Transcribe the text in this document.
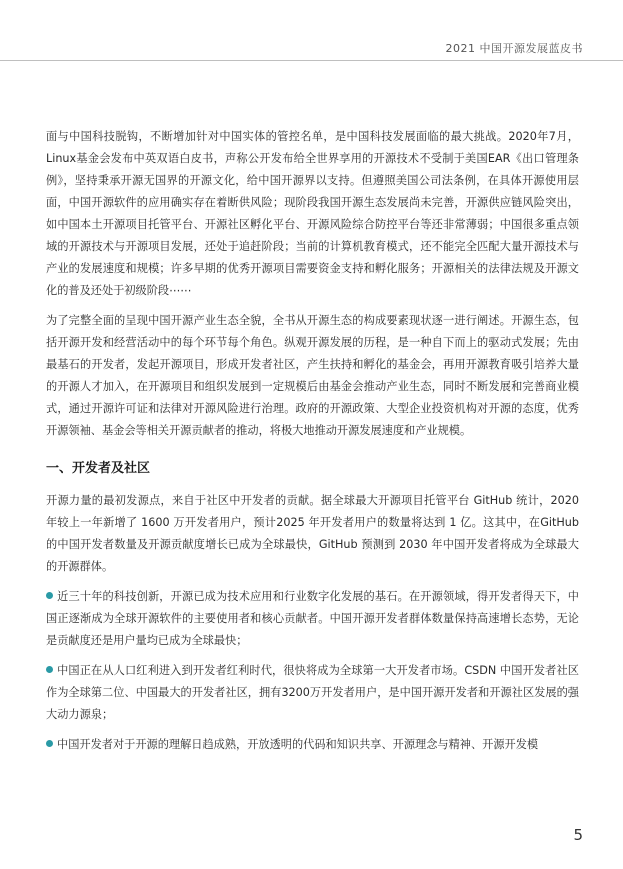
2021 中国开源发展蓝皮书

面与中国科技脱钩，不断增加针对中国实体的管控名单，是中国科技发展面临的最大挑战。2020年7月，Linux基金会发布中英双语白皮书，声称公开发布给全世界享用的开源技术不受制于美国EAR《出口管理条例》，坚持秉承开源无国界的开源文化，给中国开源界以支持。但遵照美国公司法条例，在具体开源使用层面，中国开源软件的应用确实存在着断供风险；现阶段我国开源生态发展尚未完善，开源供应链风险突出，如中国本土开源项目托管平台、开源社区孵化平台、开源风险综合防控平台等还非常薄弱；中国很多重点领域的开源技术与开源项目发展，还处于追赶阶段；当前的计算机教育模式，还不能完全匹配大量开源技术与产业的发展速度和规模；许多早期的优秀开源项目需要资金支持和孵化服务；开源相关的法律法规及开源文化的普及还处于初级阶段⋯⋯

为了完整全面的呈现中国开源产业生态全貌，全书从开源生态的构成要素现状逐一进行阐述。开源生态，包括开源开发和经营活动中的每个环节每个角色。纵观开源发展的历程，是一种自下而上的驱动式发展；先由最基石的开发者，发起开源项目，形成开发者社区，产生扶持和孵化的基金会，再用开源教育吸引培养大量的开源人才加入，在开源项目和组织发展到一定规模后由基金会推动产业生态，同时不断发展和完善商业模式，通过开源许可证和法律对开源风险进行治理。政府的开源政策、大型企业投资机构对开源的态度，优秀开源领袖、基金会等相关开源贡献者的推动，将极大地推动开源发展速度和产业规模。

一、开发者及社区

开源力量的最初发源点，来自于社区中开发者的贡献。据全球最大开源项目托管平台 GitHub 统计，2020年较上一年新增了 1600 万开发者用户，预计2025 年开发者用户的数量将达到 1 亿。这其中，在GitHub 的中国开发者数量及开源贡献度增长已成为全球最快，GitHub 预测到 2030 年中国开发者将成为全球最大的开源群体。

近三十年的科技创新，开源已成为技术应用和行业数字化发展的基石。在开源领域，得开发者得天下，中国正逐渐成为全球开源软件的主要使用者和核心贡献者。中国开源开发者群体数量保持高速增长态势，无论是贡献度还是用户量均已成为全球最快；

中国正在从人口红利进入到开发者红利时代，很快将成为全球第一大开发者市场。CSDN 中国开发者社区作为全球第二位、中国最大的开发者社区，拥有3200万开发者用户，是中国开源开发者和开源社区发展的强大动力源泉；

中国开发者对于开源的理解日趋成熟，开放透明的代码和知识共享、开源理念与精神、开源开发模

5
